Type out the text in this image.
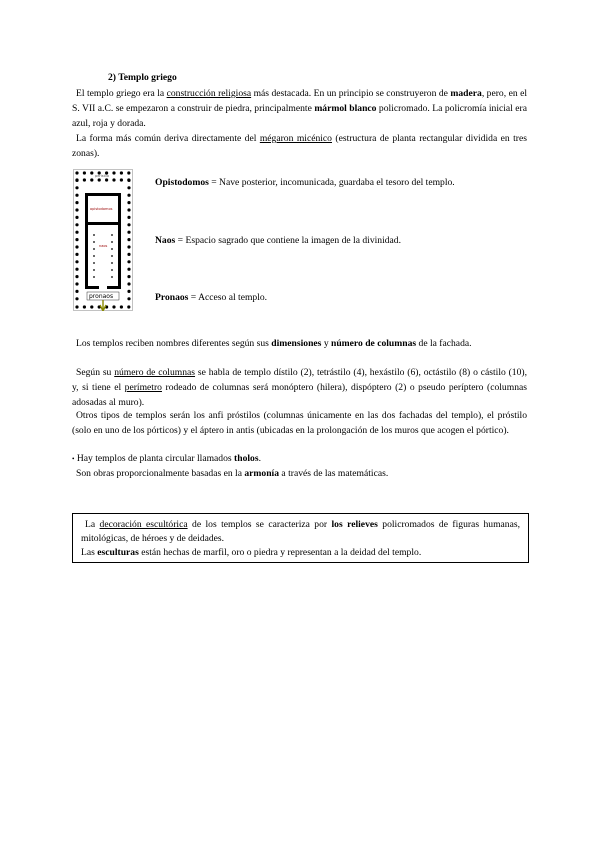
2) Templo griego
El templo griego era la construcción religiosa más destacada. En un principio se construyeron de madera, pero, en el S. VII a.C. se empezaron a construir de piedra, principalmente mármol blanco policromado. La policromía inicial era azul, roja y dorada.
La forma más común deriva directamente del mégaron micénico (estructura de planta rectangular dividida en tres zonas).
opistodomos
naos
peristilo
pronaos
Opistodomos = Nave posterior, incomunicada, guardaba el tesoro del templo.
Naos = Espacio sagrado que contiene la imagen de la divinidad.
Pronaos = Acceso al templo.
Los templos reciben nombres diferentes según sus dimensiones y número de columnas de la fachada.
Según su número de columnas se habla de templo dístilo (2), tetrástilo (4), hexástilo (6), octástilo (8) o cástilo (10), y, si tiene el perímetro rodeado de columnas será monóptero (hilera), dispóptero (2) o pseudo períptero (columnas adosadas al muro).
Otros tipos de templos serán los anfi próstilos (columnas únicamente en las dos fachadas del templo), el próstilo (solo en uno de los pórticos) y el áptero in antis (ubicadas en la prolongación de los muros que acogen el pórtico).
• Hay templos de planta circular llamados tholos.
Son obras proporcionalmente basadas en la armonía a través de las matemáticas.
La decoración escultórica de los templos se caracteriza por los relieves policromados de figuras humanas, mitológicas, de héroes y de deidades.
Las esculturas están hechas de marfil, oro o piedra y representan a la deidad del templo.
